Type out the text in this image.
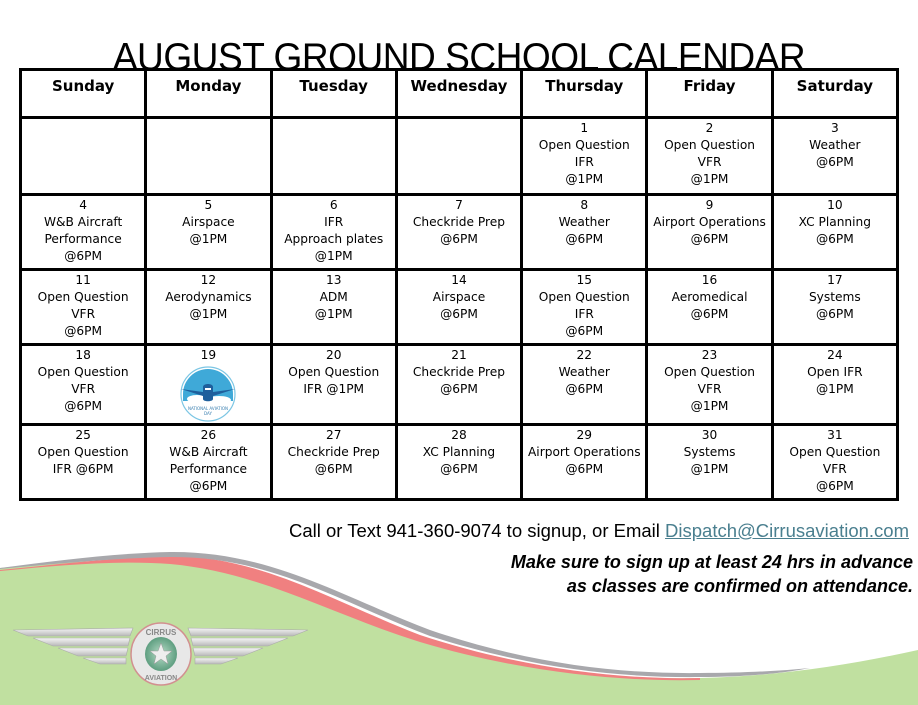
AUGUST GROUND SCHOOL CALENDAR
Sunday	Monday	Tuesday	Wednesday	Thursday	Friday	Saturday

				1
Open Question
IFR
@1PM	2
Open Question
VFR
@1PM	3
Weather
@6PM

4
W&B Aircraft
Performance
@6PM	5
Airspace
@1PM	6
IFR
Approach plates
@1PM	7
Checkride Prep
@6PM	8
Weather
@6PM	9
Airport Operations
@6PM	10
XC Planning
@6PM

11
Open Question
VFR
@6PM	12
Aerodynamics
@1PM	13
ADM
@1PM	14
Airspace
@6PM	15
Open Question
IFR
@6PM	16
Aeromedical
@6PM	17
Systems
@6PM

18
Open Question
VFR
@6PM	19
NATIONAL AVIATION
DAY	20
Open Question
IFR @1PM	21
Checkride Prep
@6PM	22
Weather
@6PM	23
Open Question
VFR
@1PM	24
Open IFR
@1PM

25
Open Question
IFR @6PM	26
W&B Aircraft
Performance
@6PM	27
Checkride Prep
@6PM	28
XC Planning
@6PM	29
Airport Operations
@6PM	30
Systems
@1PM	31
Open Question
VFR
@6PM
Call or Text 941-360-9074 to signup, or Email Dispatch@Cirrusaviation.com
Make sure to sign up at least 24 hrs in advance
as classes are confirmed on attendance.
CIRRUS
AVIATION
